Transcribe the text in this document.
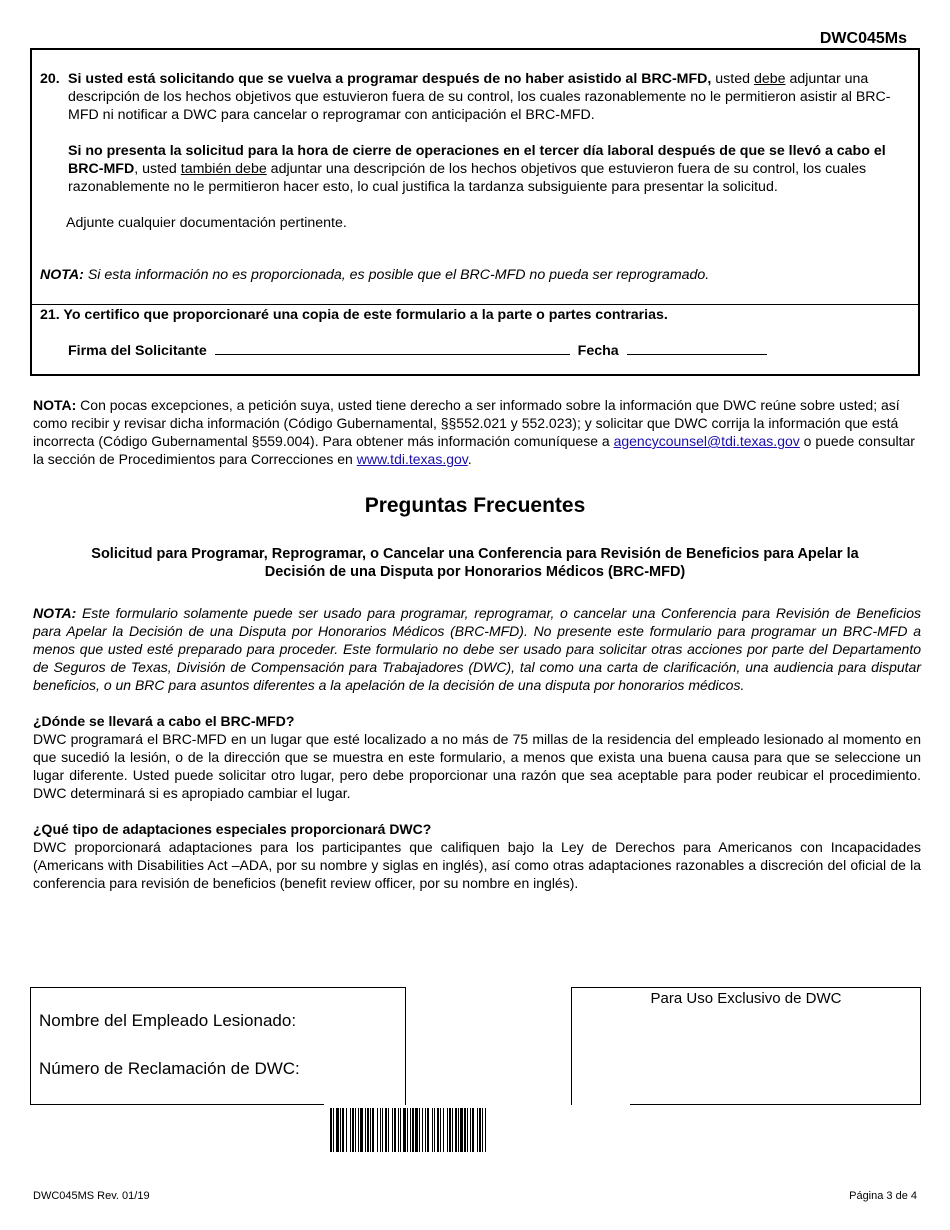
DWC045Ms
20. Si usted está solicitando que se vuelva a programar después de no haber asistido al BRC-MFD, usted debe adjuntar una descripción de los hechos objetivos que estuvieron fuera de su control, los cuales razonablemente no le permitieron asistir al BRC-MFD ni notificar a DWC para cancelar o reprogramar con anticipación el BRC-MFD.

Si no presenta la solicitud para la hora de cierre de operaciones en el tercer día laboral después de que se llevó a cabo el BRC-MFD, usted también debe adjuntar una descripción de los hechos objetivos que estuvieron fuera de su control, los cuales razonablemente no le permitieron hacer esto, lo cual justifica la tardanza subsiguiente para presentar la solicitud.

Adjunte cualquier documentación pertinente.

NOTA: Si esta información no es proporcionada, es posible que el BRC-MFD no pueda ser reprogramado.
21. Yo certifico que proporcionaré una copia de este formulario a la parte o partes contrarias.
Firma del Solicitante	Fecha
NOTA: Con pocas excepciones, a petición suya, usted tiene derecho a ser informado sobre la información que DWC reúne sobre usted; así como recibir y revisar dicha información (Código Gubernamental, §§552.021 y 552.023); y solicitar que DWC corrija la información que está incorrecta (Código Gubernamental §559.004). Para obtener más información comuníquese a agencycounsel@tdi.texas.gov o puede consultar la sección de Procedimientos para Correcciones en www.tdi.texas.gov.
Preguntas Frecuentes
Solicitud para Programar, Reprogramar, o Cancelar una Conferencia para Revisión de Beneficios para Apelar la Decisión de una Disputa por Honorarios Médicos (BRC-MFD)
NOTA: Este formulario solamente puede ser usado para programar, reprogramar, o cancelar una Conferencia para Revisión de Beneficios para Apelar la Decisión de una Disputa por Honorarios Médicos (BRC-MFD). No presente este formulario para programar un BRC-MFD a menos que usted esté preparado para proceder. Este formulario no debe ser usado para solicitar otras acciones por parte del Departamento de Seguros de Texas, División de Compensación para Trabajadores (DWC), tal como una carta de clarificación, una audiencia para disputar beneficios, o un BRC para asuntos diferentes a la apelación de la decisión de una disputa por honorarios médicos.
¿Dónde se llevará a cabo el BRC-MFD?
DWC programará el BRC-MFD en un lugar que esté localizado a no más de 75 millas de la residencia del empleado lesionado al momento en que sucedió la lesión, o de la dirección que se muestra en este formulario, a menos que exista una buena causa para que se seleccione un lugar diferente. Usted puede solicitar otro lugar, pero debe proporcionar una razón que sea aceptable para poder reubicar el procedimiento. DWC determinará si es apropiado cambiar el lugar.
¿Qué tipo de adaptaciones especiales proporcionará DWC?
DWC proporcionará adaptaciones para los participantes que califiquen bajo la Ley de Derechos para Americanos con Incapacidades (Americans with Disabilities Act –ADA, por su nombre y siglas en inglés), así como otras adaptaciones razonables a discreción del oficial de la conferencia para revisión de beneficios (benefit review officer, por su nombre en inglés).
Nombre del Empleado Lesionado:
Número de Reclamación de DWC:
Para Uso Exclusivo de DWC
DWC045MS Rev. 01/19	Página 3 de 4
